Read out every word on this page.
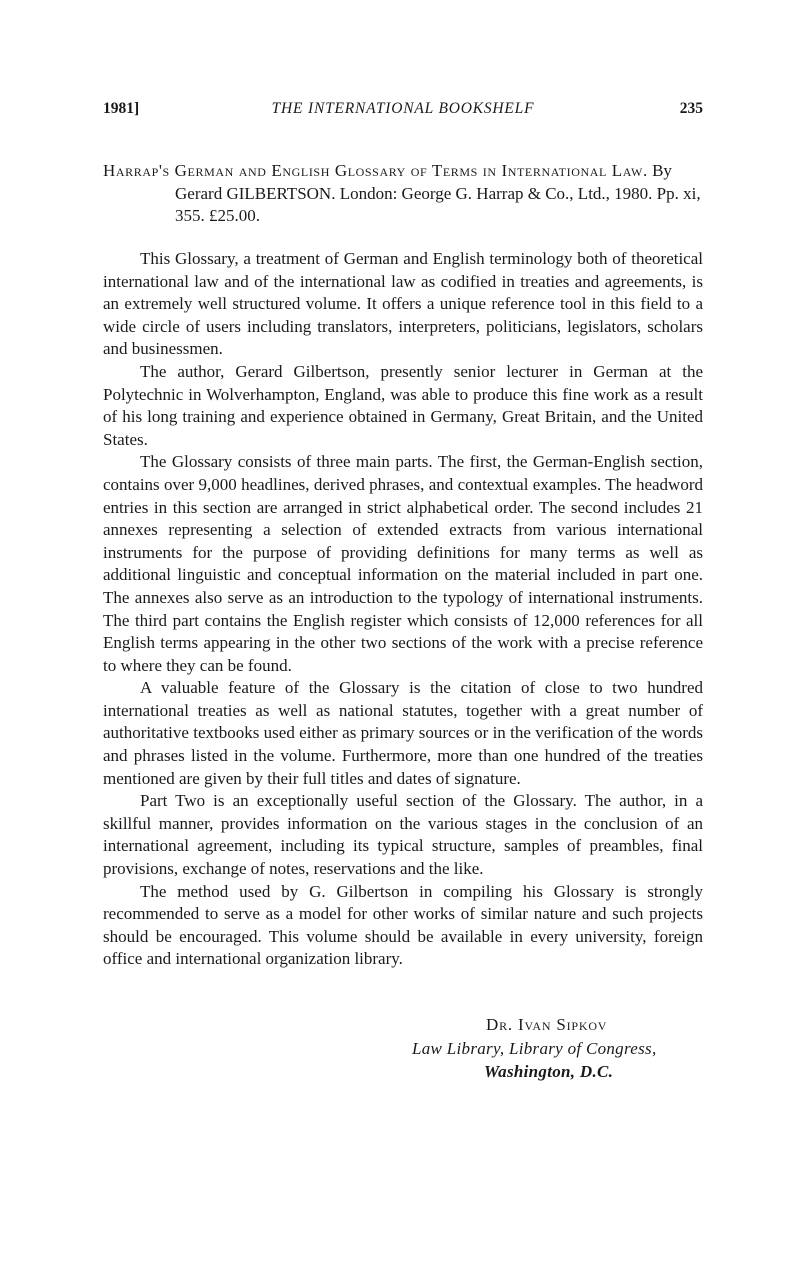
1981]	THE INTERNATIONAL BOOKSHELF	235
Harrap's German and English Glossary of Terms in International Law. By Gerard GILBERTSON. London: George G. Harrap & Co., Ltd., 1980. Pp. xi, 355. £25.00.

This Glossary, a treatment of German and English terminology both of theoretical international law and of the international law as codified in treaties and agreements, is an extremely well structured volume. It offers a unique reference tool in this field to a wide circle of users including translators, interpreters, politicians, legislators, scholars and businessmen.

The author, Gerard Gilbertson, presently senior lecturer in German at the Polytechnic in Wolverhampton, England, was able to produce this fine work as a result of his long training and experience obtained in Germany, Great Britain, and the United States.

The Glossary consists of three main parts. The first, the German-English section, contains over 9,000 headlines, derived phrases, and contextual examples. The headword entries in this section are arranged in strict alphabetical order. The second includes 21 annexes representing a selection of extended extracts from various international instruments for the purpose of providing definitions for many terms as well as additional linguistic and conceptual information on the material included in part one. The annexes also serve as an introduction to the typology of international instruments. The third part contains the English register which consists of 12,000 references for all English terms appearing in the other two sections of the work with a precise reference to where they can be found.

A valuable feature of the Glossary is the citation of close to two hundred international treaties as well as national statutes, together with a great number of authoritative textbooks used either as primary sources or in the verification of the words and phrases listed in the volume. Furthermore, more than one hundred of the treaties mentioned are given by their full titles and dates of signature.

Part Two is an exceptionally useful section of the Glossary. The author, in a skillful manner, provides information on the various stages in the conclusion of an international agreement, including its typical structure, samples of preambles, final provisions, exchange of notes, reservations and the like.

The method used by G. Gilbertson in compiling his Glossary is strongly recommended to serve as a model for other works of similar nature and such projects should be encouraged. This volume should be available in every university, foreign office and international organization library.

Dr. Ivan Sipkov
Law Library, Library of Congress,
Washington, D.C.
